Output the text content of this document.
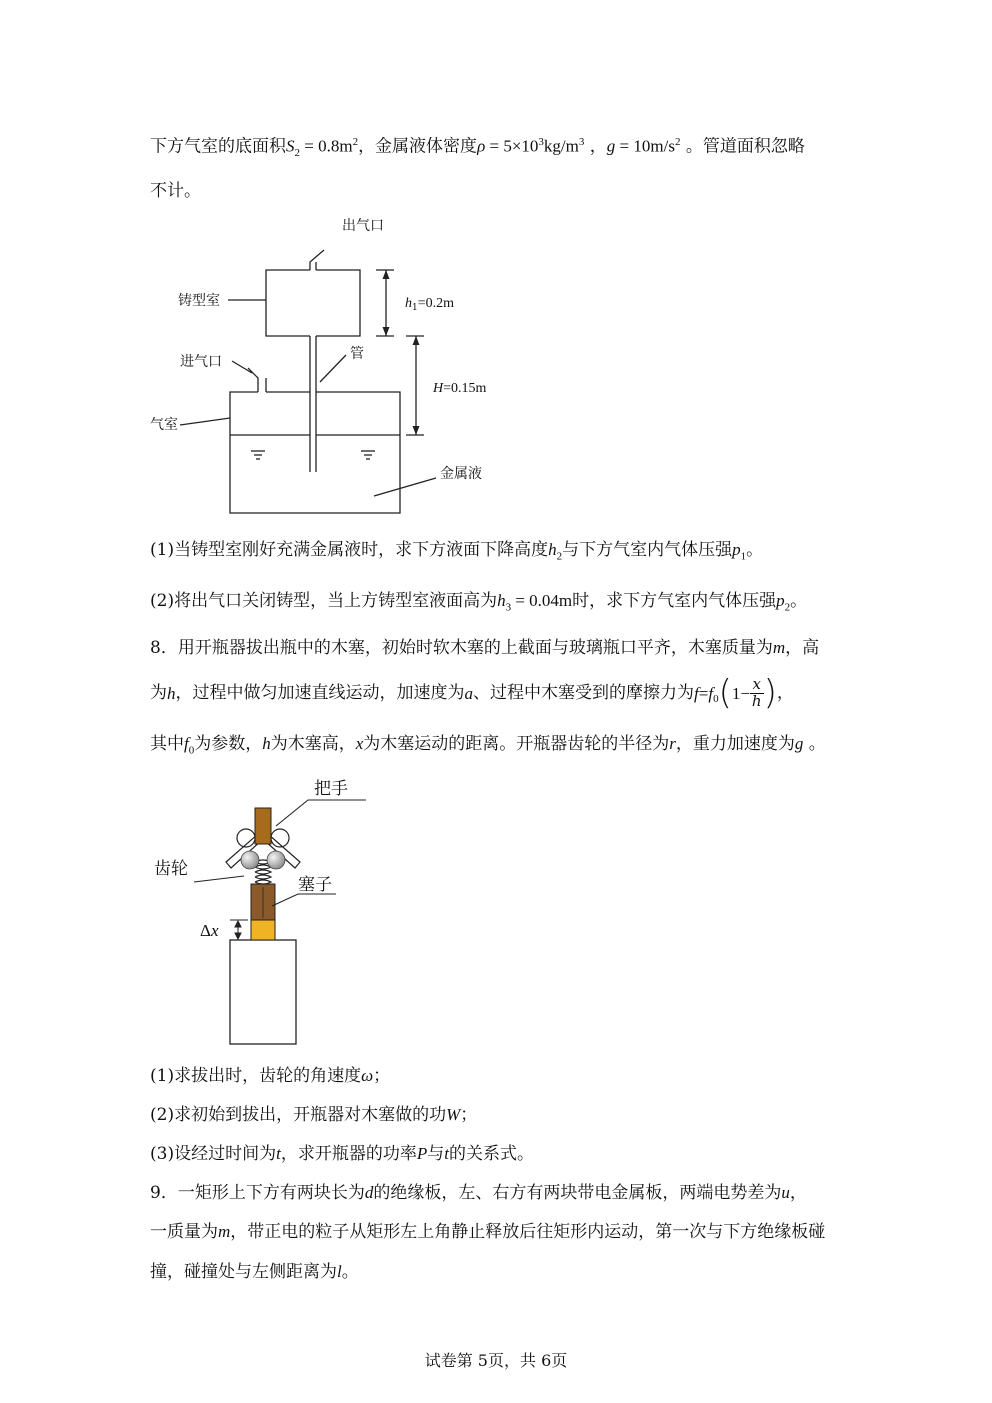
下方气室的底面积$S_2 = 0.8m^2$，金属液体密度$\rho = 5\times 10^3kg/m^3$ ，$g = 10m/s^2$ 。管道面积忽略
不计。
出气口
铸型室	$h_1=0.2m$
管
进气口
H=0.15m
气室
金属液
(1)当铸型室刚好充满金属液时，求下方液面下降高度$h_2$与下方气室内气体压强$p_1$。
(2)将出气口关闭铸型，当上方铸型室液面高为$h_3 = 0.04m$时，求下方气室内气体压强$p_2$。
8．用开瓶器拔出瓶中的木塞，初始时软木塞的上截面与玻璃瓶口平齐，木塞质量为m，高
为 h ，过程中做匀加速直线运动，加速度为 a 、过程中木塞受到的摩擦力为 $f = f_0$ ( $1- \frac{x}{h}$ ) ，
其中$f_0$为参数，h为木塞高，x为木塞运动的距离。开瓶器齿轮的半径为r，重力加速度为g 。
把手
齿轮
塞子
Δx
(1)求拔出时，齿轮的角速度ω；
(2)求初始到拔出，开瓶器对木塞做的功W；
(3)设经过时间为t，求开瓶器的功率P与t的关系式。
9．一矩形上下方有两块长为d的绝缘板，左、右方有两块带电金属板，两端电势差为u，
一质量为m，带正电的粒子从矩形左上角静止释放后往矩形内运动，第一次与下方绝缘板碰
撞，碰撞处与左侧距离为l。
试卷第 5页，共 6页
